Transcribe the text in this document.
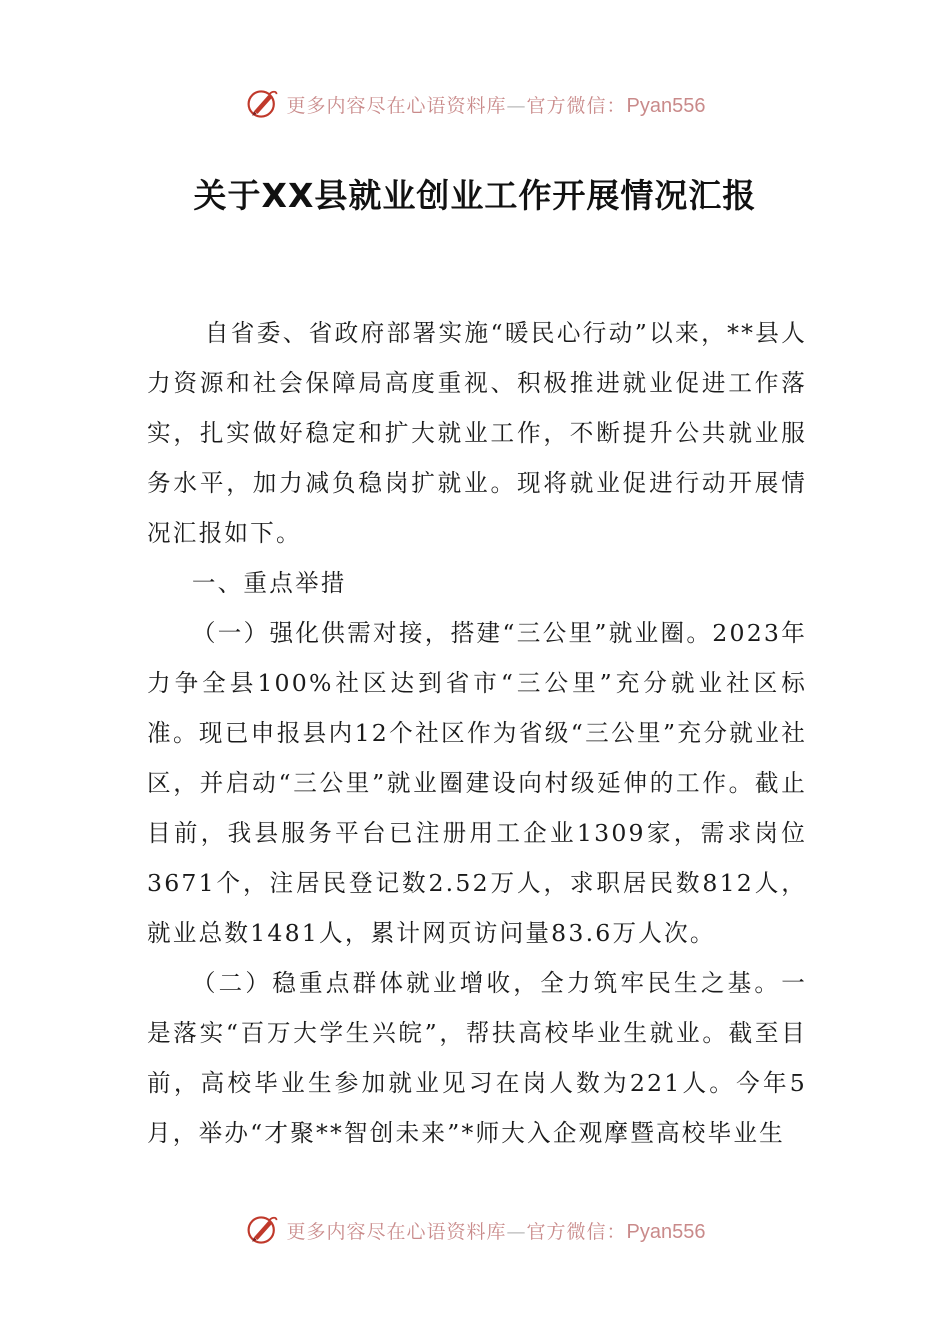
更多内容尽在心语资料库—官方微信：Pyan556
关于XX县就业创业工作开展情况汇报

自省委、省政府部署实施“暖民心行动”以来，**县人力资源和社会保障局高度重视、积极推进就业促进工作落实，扎实做好稳定和扩大就业工作，不断提升公共就业服务水平，加力减负稳岗扩就业。现将就业促进行动开展情况汇报如下。

一、重点举措

（一）强化供需对接，搭建“三公里”就业圈。2023年力争全县100%社区达到省市“三公里”充分就业社区标准。现已申报县内12个社区作为省级“三公里”充分就业社区，并启动“三公里”就业圈建设向村级延伸的工作。截止目前，我县服务平台已注册用工企业1309家，需求岗位3671个，注居民登记数2.52万人，求职居民数812人，就业总数1481人，累计网页访问量83.6万人次。

（二）稳重点群体就业增收，全力筑牢民生之基。一是落实“百万大学生兴皖”，帮扶高校毕业生就业。截至目前，高校毕业生参加就业见习在岗人数为221人。今年5月，举办“才聚**智创未来”*师大入企观摩暨高校毕业生

更多内容尽在心语资料库—官方微信：Pyan556
